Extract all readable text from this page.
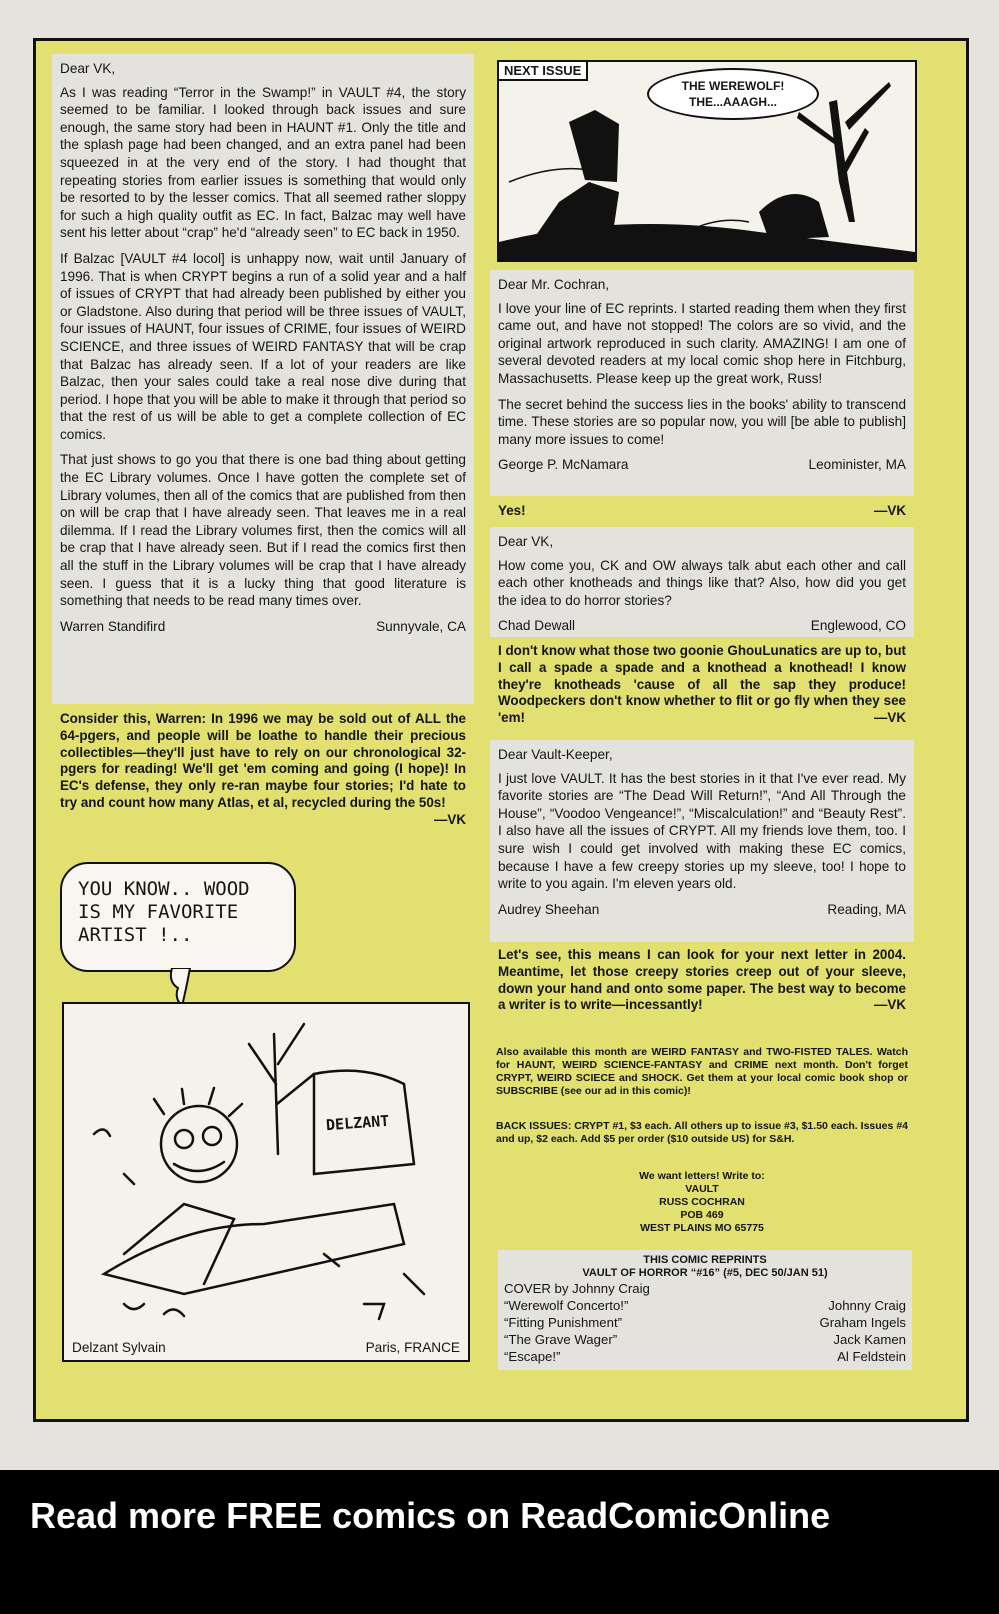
Dear VK,

As I was reading “Terror in the Swamp!” in VAULT #4, the story seemed to be familiar. I looked through back issues and sure enough, the same story had been in HAUNT #1. Only the title and the splash page had been changed, and an extra panel had been squeezed in at the very end of the story. I had thought that repeating stories from earlier issues is something that would only be resorted to by the lesser comics. That all seemed rather sloppy for such a high quality outfit as EC. In fact, Balzac may well have sent his letter about “crap” he'd “already seen” to EC back in 1950.

If Balzac [VAULT #4 locol] is unhappy now, wait until January of 1996. That is when CRYPT begins a run of a solid year and a half of issues of CRYPT that had already been published by either you or Gladstone. Also during that period will be three issues of VAULT, four issues of HAUNT, four issues of CRIME, four issues of WEIRD SCIENCE, and three issues of WEIRD FANTASY that will be crap that Balzac has already seen. If a lot of your readers are like Balzac, then your sales could take a real nose dive during that period. I hope that you will be able to make it through that period so that the rest of us will be able to get a complete collection of EC comics.

That just shows to go you that there is one bad thing about getting the EC Library volumes. Once I have gotten the complete set of Library volumes, then all of the comics that are published from then on will be crap that I have already seen. That leaves me in a real dilemma. If I read the Library volumes first, then the comics will all be crap that I have already seen. But if I read the comics first then all the stuff in the Library volumes will be crap that I have already seen. I guess that it is a lucky thing that good literature is something that needs to be read many times over.

Warren Standifird	Sunnyvale, CA
Consider this, Warren: In 1996 we may be sold out of ALL the 64-pgers, and people will be loathe to handle their precious collectibles—they'll just have to rely on our chronological 32-pgers for reading! We'll get 'em coming and going (I hope)! In EC's defense, they only re-ran maybe four stories; I'd hate to try and count how many Atlas, et al, recycled during the 50s!
—VK
YOU KNOW.. WOOD IS MY FAVORITE ARTIST !..
DELZANT
Delzant Sylvain	Paris, FRANCE
NEXT ISSUE
THE WEREWOLF!
THE...AAAGH...

Dear Mr. Cochran,

I love your line of EC reprints. I started reading them when they first came out, and have not stopped! The colors are so vivid, and the original artwork reproduced in such clarity. AMAZING! I am one of several devoted readers at my local comic shop here in Fitchburg, Massachusetts. Please keep up the great work, Russ!

The secret behind the success lies in the books' ability to transcend time. These stories are so popular now, you will [be able to publish] many more issues to come!

George P. McNamara	Leominister, MA
Yes!	—VK

Dear VK,

How come you, CK and OW always talk abut each other and call each other knotheads and things like that? Also, how did you get the idea to do horror stories?

Chad Dewall	Englewood, CO
I don't know what those two goonie GhouLunatics are up to, but I call a spade a spade and a knothead a knothead! I know they're knotheads 'cause of all the sap they produce! Woodpeckers don't know whether to flit or go fly when they see 'em!	—VK

Dear Vault-Keeper,

I just love VAULT. It has the best stories in it that I've ever read. My favorite stories are “The Dead Will Return!”, “And All Through the House”, “Voodoo Vengeance!”, “Miscalculation!” and “Beauty Rest”. I also have all the issues of CRYPT. All my friends love them, too. I sure wish I could get involved with making these EC comics, because I have a few creepy stories up my sleeve, too! I hope to write to you again. I'm eleven years old.

Audrey Sheehan	Reading, MA
Let's see, this means I can look for your next letter in 2004. Meantime, let those creepy stories creep out of your sleeve, down your hand and onto some paper. The best way to become a writer is to write—incessantly!	—VK
Also available this month are WEIRD FANTASY and TWO-FISTED TALES. Watch for HAUNT, WEIRD SCIENCE-FANTASY and CRIME next month. Don't forget CRYPT, WEIRD SCIECE and SHOCK. Get them at your local comic book shop or SUBSCRIBE (see our ad in this comic)!
BACK ISSUES: CRYPT #1, $3 each. All others up to issue #3, $1.50 each. Issues #4 and up, $2 each. Add $5 per order ($10 outside US) for S&H.
We want letters! Write to:
VAULT
RUSS COCHRAN
POB 469
WEST PLAINS MO 65775
THIS COMIC REPRINTS
VAULT OF HORROR “#16” (#5, DEC 50/JAN 51)
COVER by Johnny Craig
“Werewolf Concerto!”	Johnny Craig
“Fitting Punishment”	Graham Ingels
“The Grave Wager”	Jack Kamen
“Escape!”	Al Feldstein
Read more FREE comics on ReadComicOnline
